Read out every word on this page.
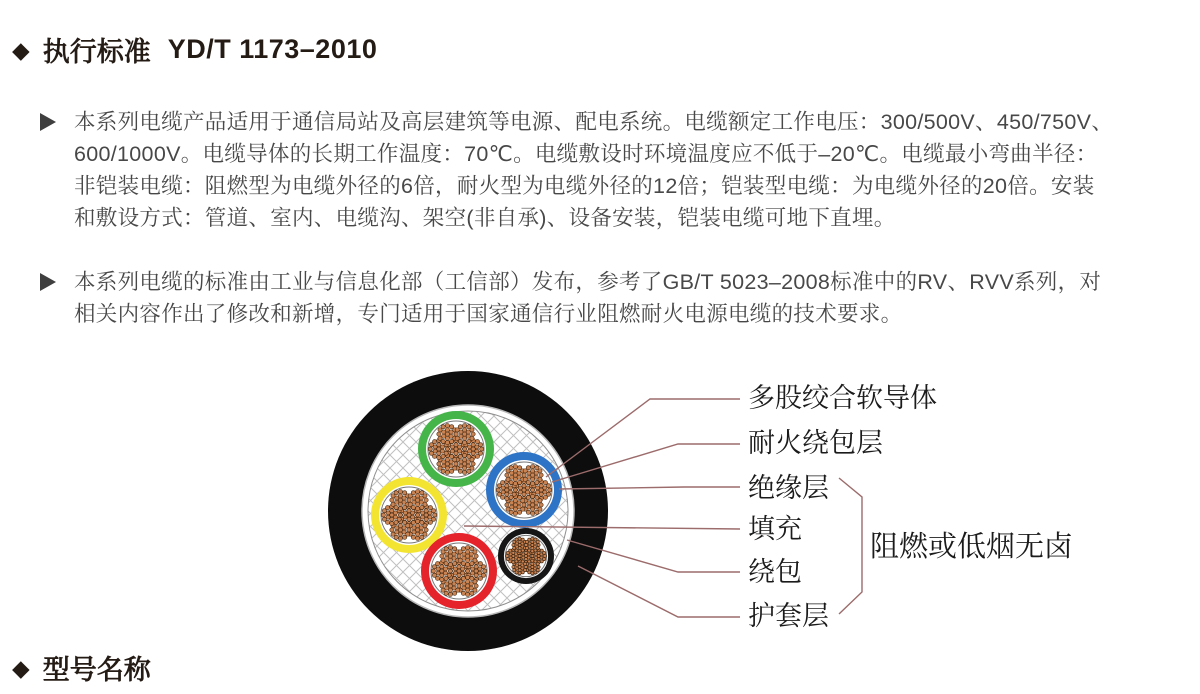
◆ 执行标准 YD/T 1173–2010
本系列电缆产品适用于通信局站及高层建筑等电源、配电系统。电缆额定工作电压：300/500V、450/750V、
600/1000V。电缆导体的长期工作温度：70℃。电缆敷设时环境温度应不低于–20℃。电缆最小弯曲半径：
非铠装电缆：阻燃型为电缆外径的6倍，耐火型为电缆外径的12倍；铠装型电缆：为电缆外径的20倍。安装
和敷设方式：管道、室内、电缆沟、架空(非自承)、设备安装，铠装电缆可地下直埋。
本系列电缆的标准由工业与信息化部（工信部）发布，参考了GB/T 5023–2008标准中的RV、RVV系列，对
相关内容作出了修改和新增，专门适用于国家通信行业阻燃耐火电源电缆的技术要求。
多股绞合软导体
耐火绕包层
绝缘层
填充
绕包
护套层
阻燃或低烟无卤
◆ 型号名称
